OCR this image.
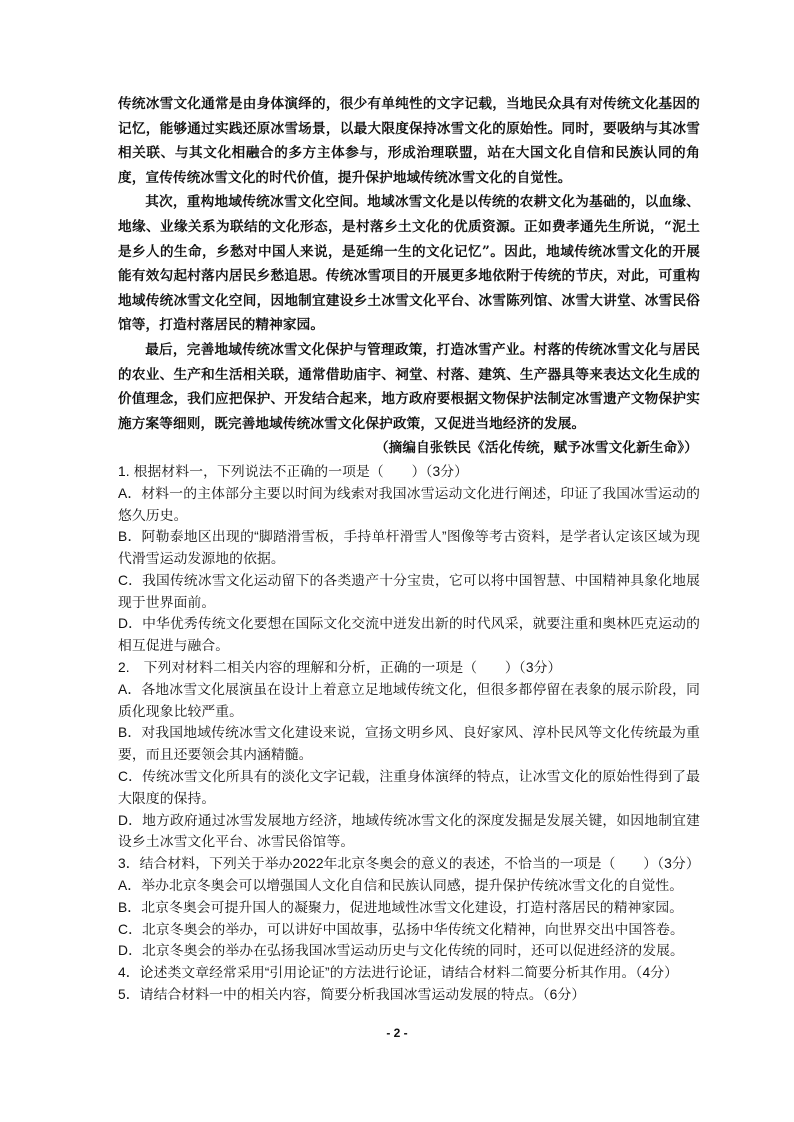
传统冰雪文化通常是由身体演绎的，很少有单纯性的文字记载，当地民众具有对传统文化基因的记忆，能够通过实践还原冰雪场景，以最大限度保持冰雪文化的原始性。同时，要吸纳与其冰雪相关联、与其文化相融合的多方主体参与，形成治理联盟，站在大国文化自信和民族认同的角度，宣传传统冰雪文化的时代价值，提升保护地域传统冰雪文化的自觉性。

其次，重构地域传统冰雪文化空间。地域冰雪文化是以传统的农耕文化为基础的，以血缘、地缘、业缘关系为联结的文化形态，是村落乡土文化的优质资源。正如费孝通先生所说，“泥土是乡人的生命，乡愁对中国人来说，是延绵一生的文化记忆”。因此，地域传统冰雪文化的开展能有效勾起村落内居民乡愁追思。传统冰雪项目的开展更多地依附于传统的节庆，对此，可重构地域传统冰雪文化空间，因地制宜建设乡土冰雪文化平台、冰雪陈列馆、冰雪大讲堂、冰雪民俗馆等，打造村落居民的精神家园。

最后，完善地域传统冰雪文化保护与管理政策，打造冰雪产业。村落的传统冰雪文化与居民的农业、生产和生活相关联，通常借助庙宇、祠堂、村落、建筑、生产器具等来表达文化生成的价值理念，我们应把保护、开发结合起来，地方政府要根据文物保护法制定冰雪遗产文物保护实施方案等细则，既完善地域传统冰雪文化保护政策，又促进当地经济的发展。

（摘编自张铁民《活化传统，赋予冰雪文化新生命》）

1. 根据材料一，下列说法不正确的一项是（　　）（3分）

A．材料一的主体部分主要以时间为线索对我国冰雪运动文化进行阐述，印证了我国冰雪运动的悠久历史。

B．阿勒泰地区出现的“脚踏滑雪板，手持单杆滑雪人”图像等考古资料，是学者认定该区域为现代滑雪运动发源地的依据。

C．我国传统冰雪文化运动留下的各类遗产十分宝贵，它可以将中国智慧、中国精神具象化地展现于世界面前。

D．中华优秀传统文化要想在国际文化交流中迸发出新的时代风采，就要注重和奥林匹克运动的相互促进与融合。

2.　下列对材料二相关内容的理解和分析，正确的一项是（　　）（3分）

A．各地冰雪文化展演虽在设计上着意立足地域传统文化，但很多都停留在表象的展示阶段，同质化现象比较严重。

B．对我国地域传统冰雪文化建设来说，宣扬文明乡风、良好家风、淳朴民风等文化传统最为重要，而且还要领会其内涵精髓。

C．传统冰雪文化所具有的淡化文字记载，注重身体演绎的特点，让冰雪文化的原始性得到了最大限度的保持。

D．地方政府通过冰雪发展地方经济，地域传统冰雪文化的深度发掘是发展关键，如因地制宜建设乡土冰雪文化平台、冰雪民俗馆等。

3．结合材料，下列关于举办2022年北京冬奥会的意义的表述，不恰当的一项是（　　）（3分）

A．举办北京冬奥会可以增强国人文化自信和民族认同感，提升保护传统冰雪文化的自觉性。

B．北京冬奥会可提升国人的凝聚力，促进地域性冰雪文化建设，打造村落居民的精神家园。

C．北京冬奥会的举办，可以讲好中国故事，弘扬中华传统文化精神，向世界交出中国答卷。

D．北京冬奥会的举办在弘扬我国冰雪运动历史与文化传统的同时，还可以促进经济的发展。

4．论述类文章经常采用“引用论证”的方法进行论证，请结合材料二简要分析其作用。（4分）

5．请结合材料一中的相关内容，简要分析我国冰雪运动发展的特点。（6分）

- 2 -
